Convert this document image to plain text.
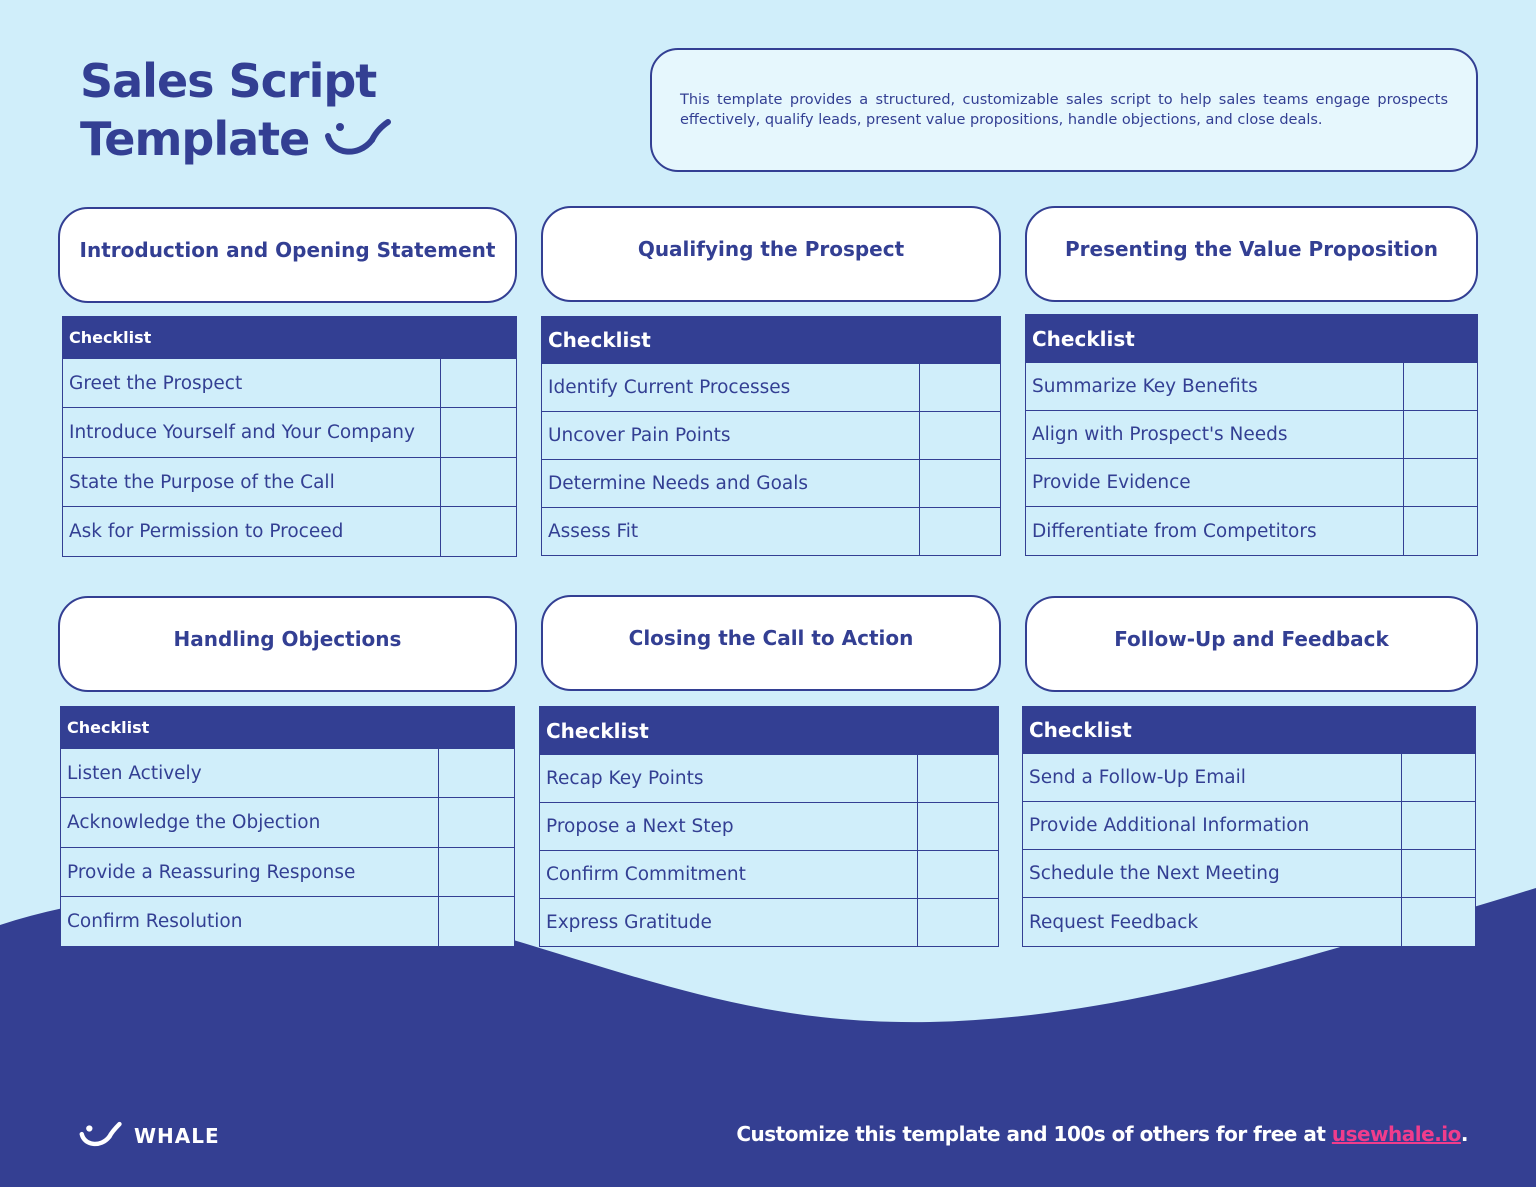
Sales Script
Template
This template provides a structured, customizable sales script to help sales teams engage prospects effectively, qualify leads, present value propositions, handle objections, and close deals.
Introduction and Opening Statement
Checklist
Greet the Prospect
Introduce Yourself and Your Company
State the Purpose of the Call
Ask for Permission to Proceed
Qualifying the Prospect
Checklist
Identify Current Processes
Uncover Pain Points
Determine Needs and Goals
Assess Fit
Presenting the Value Proposition
Checklist
Summarize Key Benefits
Align with Prospect's Needs
Provide Evidence
Differentiate from Competitors
Handling Objections
Checklist
Listen Actively
Acknowledge the Objection
Provide a Reassuring Response
Confirm Resolution
Closing the Call to Action
Checklist
Recap Key Points
Propose a Next Step
Confirm Commitment
Express Gratitude
Follow-Up and Feedback
Checklist
Send a Follow-Up Email
Provide Additional Information
Schedule the Next Meeting
Request Feedback
WHALE	Customize this template and 100s of others for free at usewhale.io.
